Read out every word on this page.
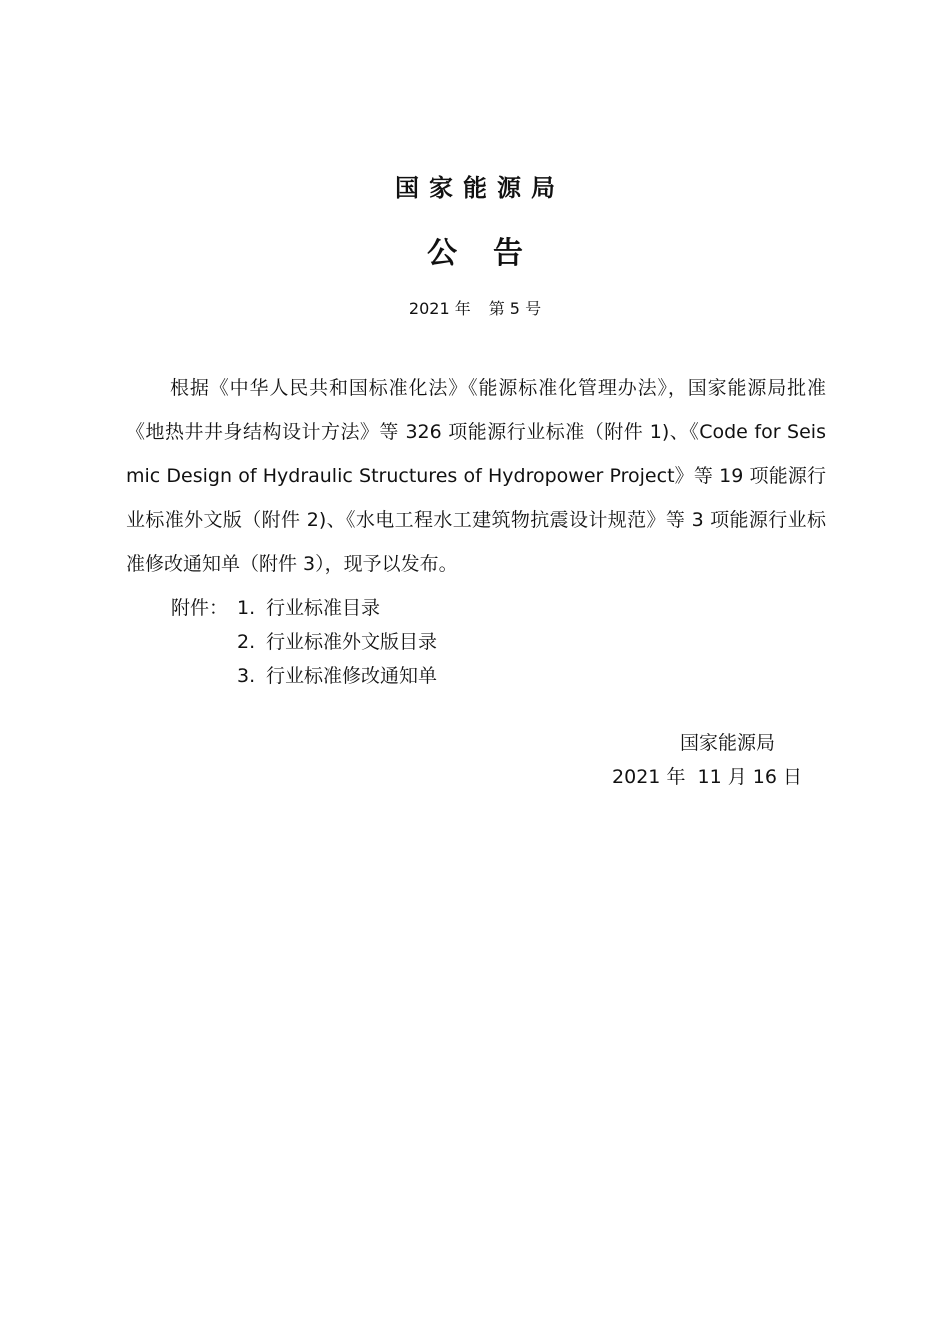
国家能源局
公告
2021 年 第 5 号
根据《中华人民共和国标准化法》《能源标准化管理办法》，国家能源局批准《地热井井身结构设计方法》等 326 项能源行业标准（附件 1)、《Code for Seismic Design of Hydraulic Structures of Hydropower Project》等 19 项能源行业标准外文版（附件 2)、《水电工程水工建筑物抗震设计规范》等 3 项能源行业标准修改通知单（附件 3），现予以发布。
附件： 1. 行业标准目录
2. 行业标准外文版目录
3. 行业标准修改通知单
国家能源局
2021 年  11 月 16 日
